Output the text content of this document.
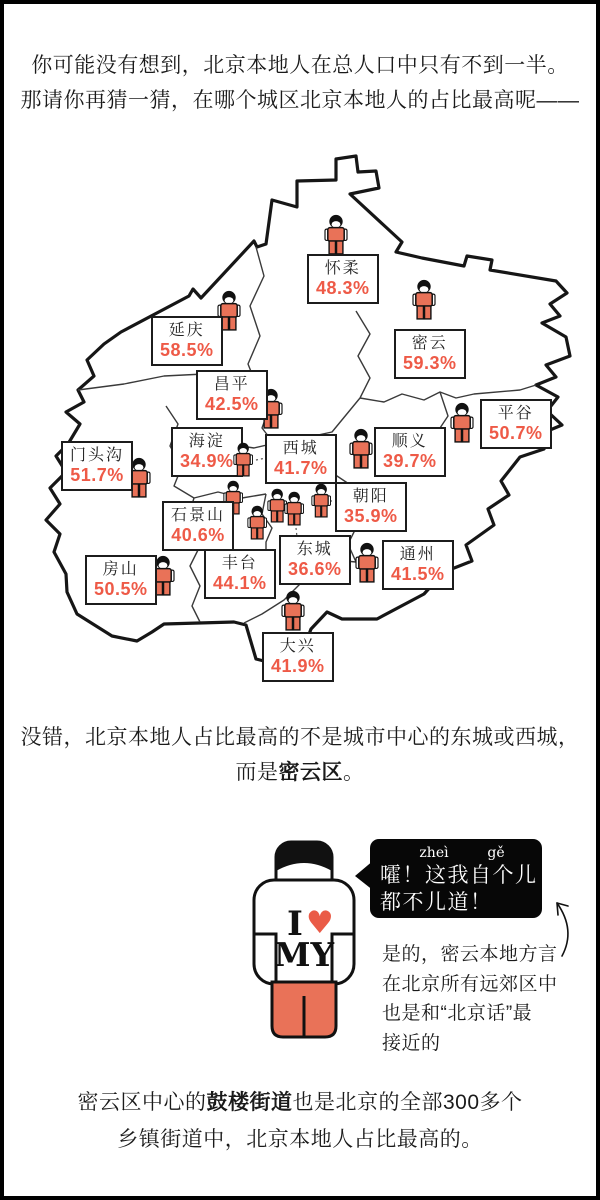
你可能没有想到，北京本地人在总人口中只有不到一半。
那请你再猜一猜，在哪个城区北京本地人的占比最高呢——
怀柔
48.3%
延庆
58.5%	密云
59.3%
昌平
42.5%	平谷
50.7%
顺义
39.7%
海淀
34.9%
西城
41.7%
门头沟
51.7%
朝阳
35.9%
石景山
40.6%
东城
36.6%
丰台
44.1%
通州
41.5%
房山
50.5%
大兴
41.9%
没错，北京本地人占比最高的不是城市中心的东城或西城，
而是密云区。
I♥
MY
zheì	gě
嚯！这我自个儿
都不儿道！
是的，密云本地方言
在北京所有远郊区中
也是和“北京话”最
接近的
密云区中心的鼓楼街道也是北京的全部300多个
乡镇街道中，北京本地人占比最高的。
